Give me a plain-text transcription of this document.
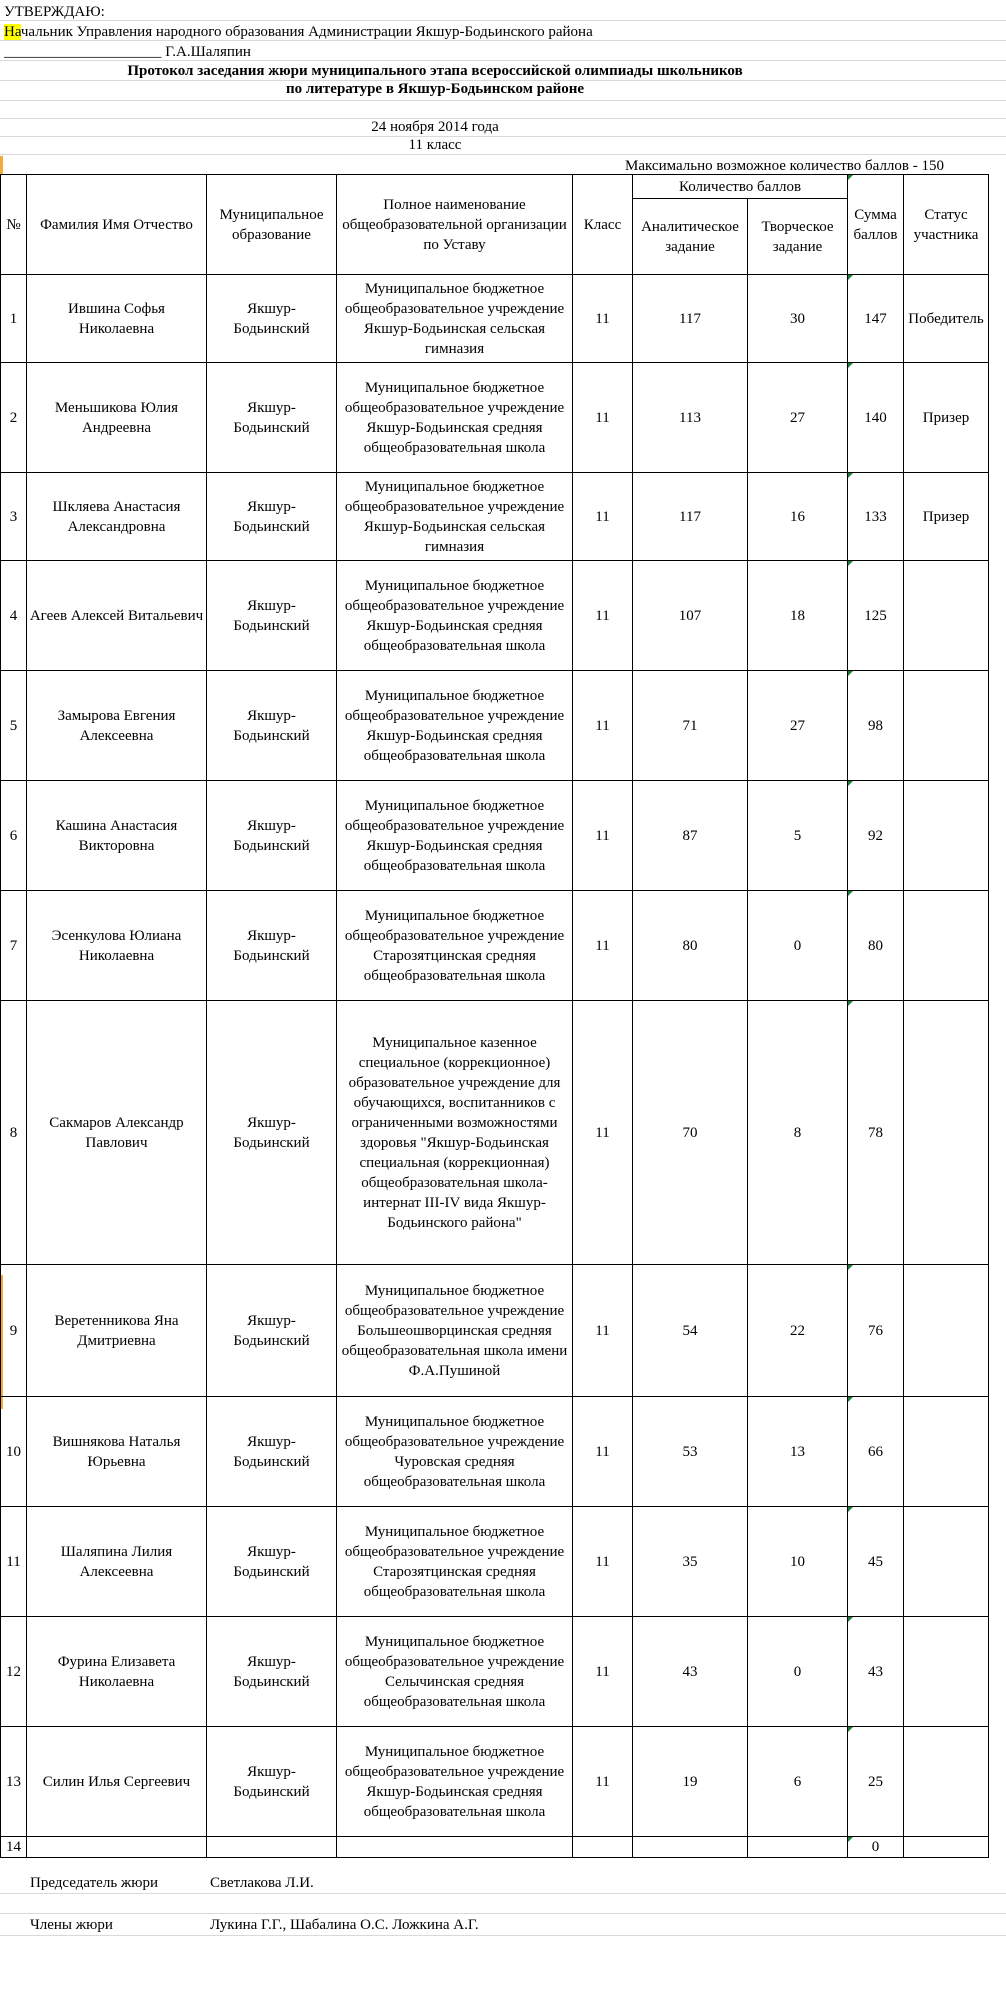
УТВЕРЖДАЮ:
Начальник Управления народного образования Администрации Якшур-Бодьинского района
_____________________ Г.А.Шаляпин
Протокол заседания жюри муниципального этапа всероссийской олимпиады школьников
по литературе в Якшур-Бодьинском районе
24 ноября 2014 года
11 класс
Максимально возможное количество баллов - 150
№	Фамилия Имя Отчество	Муниципальное образование	Полное наименование общеобразовательной организации по Уставу	Класс	Количество баллов		Сумма баллов	Статус участника
					Аналитическое задание	Творческое задание		
1	Ившина Софья Николаевна	Якшур-Бодьинский	Муниципальное бюджетное общеобразовательное учреждение Якшур-Бодьинская сельская гимназия	11	117	30	147	Победитель
2	Меньшикова Юлия Андреевна	Якшур-Бодьинский	Муниципальное бюджетное общеобразовательное учреждение Якшур-Бодьинская средняя общеобразовательная школа	11	113	27	140	Призер
3	Шкляева Анастасия Александровна	Якшур-Бодьинский	Муниципальное бюджетное общеобразовательное учреждение Якшур-Бодьинская сельская гимназия	11	117	16	133	Призер
4	Агеев Алексей Витальевич	Якшур-Бодьинский	Муниципальное бюджетное общеобразовательное учреждение Якшур-Бодьинская средняя общеобразовательная школа	11	107	18	125	
5	Замырова Евгения Алексеевна	Якшур-Бодьинский	Муниципальное бюджетное общеобразовательное учреждение Якшур-Бодьинская средняя общеобразовательная школа	11	71	27	98	
6	Кашина Анастасия Викторовна	Якшур-Бодьинский	Муниципальное бюджетное общеобразовательное учреждение Якшур-Бодьинская средняя общеобразовательная школа	11	87	5	92	
7	Эсенкулова Юлиана Николаевна	Якшур-Бодьинский	Муниципальное бюджетное общеобразовательное учреждение Старозятцинская средняя общеобразовательная школа	11	80	0	80	
8	Сакмаров Александр Павлович	Якшур-Бодьинский	Муниципальное казенное специальное (коррекционное) образовательное учреждение для обучающихся, воспитанников с ограниченными возможностями здоровья "Якшур-Бодьинская специальная (коррекционная) общеобразовательная школа-интернат III-IV вида Якшур-Бодьинского района"	11	70	8	78	
9	Веретенникова Яна Дмитриевна	Якшур-Бодьинский	Муниципальное бюджетное общеобразовательное учреждение Большеошворцинская средняя общеобразовательная школа имени Ф.А.Пушиной	11	54	22	76	
10	Вишнякова Наталья Юрьевна	Якшур-Бодьинский	Муниципальное бюджетное общеобразовательное учреждение Чуровская средняя общеобразовательная школа	11	53	13	66	
11	Шаляпина Лилия Алексеевна	Якшур-Бодьинский	Муниципальное бюджетное общеобразовательное учреждение Старозятцинская средняя общеобразовательная школа	11	35	10	45	
12	Фурина Елизавета Николаевна	Якшур-Бодьинский	Муниципальное бюджетное общеобразовательное учреждение Селычинская средняя общеобразовательная школа	11	43	0	43	
13	Силин Илья Сергеевич	Якшур-Бодьинский	Муниципальное бюджетное общеобразовательное учреждение Якшур-Бодьинская средняя общеобразовательная школа	11	19	6	25	
14							0	
Председатель жюри	Светлакова Л.И.
Члены жюри	Лукина Г.Г., Шабалина О.С. Ложкина А.Г.
